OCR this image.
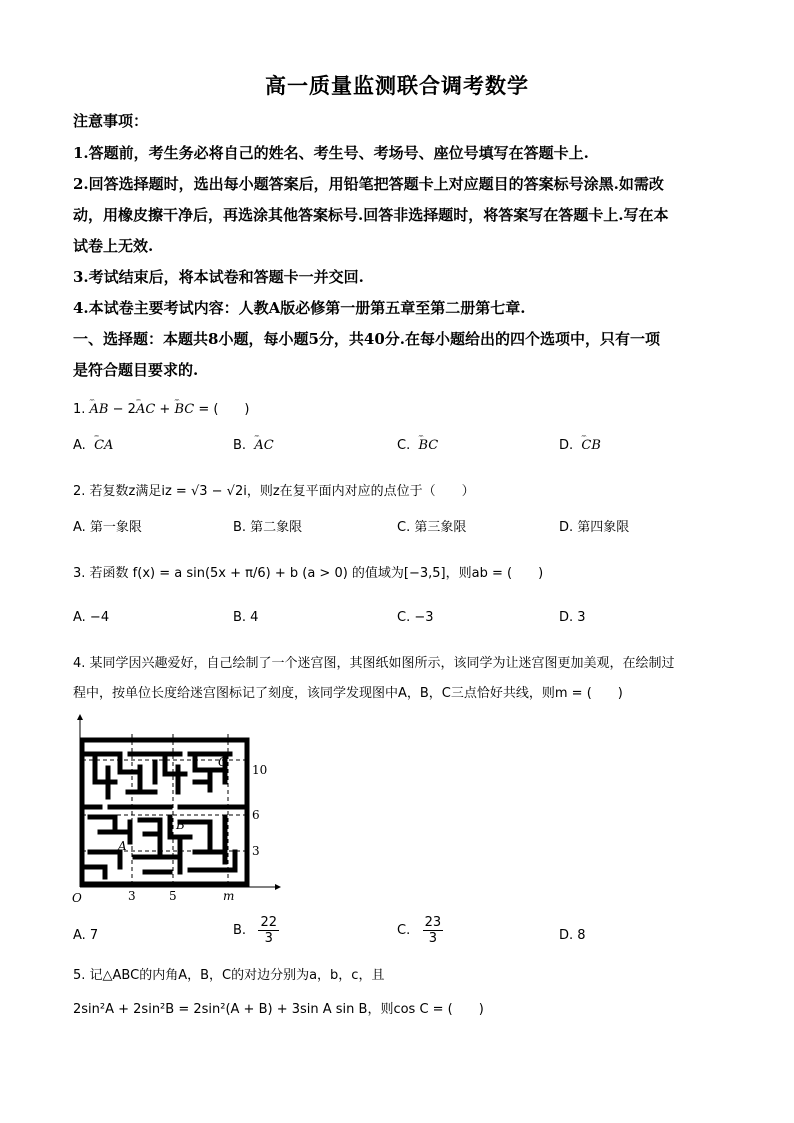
高一质量监测联合调考数学
注意事项：
1.答题前，考生务必将自己的姓名、考生号、考场号、座位号填写在答题卡上.
2.回答选择题时，选出每小题答案后，用铅笔把答题卡上对应题目的答案标号涂黑.如需改
动，用橡皮擦干净后，再选涂其他答案标号.回答非选择题时，将答案写在答题卡上.写在本
试卷上无效.
3.考试结束后，将本试卷和答题卡一并交回.
4.本试卷主要考试内容：人教A版必修第一册第五章至第二册第七章.
一、选择题：本题共8小题，每小题5分，共40分.在每小题给出的四个选项中，只有一项
是符合题目要求的.
1. ꞈꞈꞈ AB − 2ꞈꞈꞈ AC + ꞈꞈꞈ BC = (　　)
A. ꞈꞈꞈ CA	B. ꞈꞈꞈ AC	C. ꞈꞈꞈ BC	D. ꞈꞈꞈ CB
2. 若复数z满足iz = √3 − √2i，则z在复平面内对应的点位于（　　）
A. 第一象限	B. 第二象限	C. 第三象限	D. 第四象限
3. 若函数 f(x) = a sin(5x + π/6) + b (a > 0) 的值域为[−3,5]，则ab = (　　)
A. −4	B. 4	C. −3	D. 3
4. 某同学因兴趣爱好，自己绘制了一个迷宫图，其图纸如图所示，该同学为让迷宫图更加美观，在绘制过
程中，按单位长度给迷宫图标记了刻度，该同学发现图中A，B，C三点恰好共线，则m = (　　)
C
B
A
10
6
3
O	3	5	m
A. 7	B. $\frac{22}{3}$	C. $\frac{23}{3}$	D. 8
5. 记△ABC的内角A，B，C的对边分别为a，b，c，且
2sin²A + 2sin²B = 2sin²(A + B) + 3sin A sin B，则cos C = (　　)
